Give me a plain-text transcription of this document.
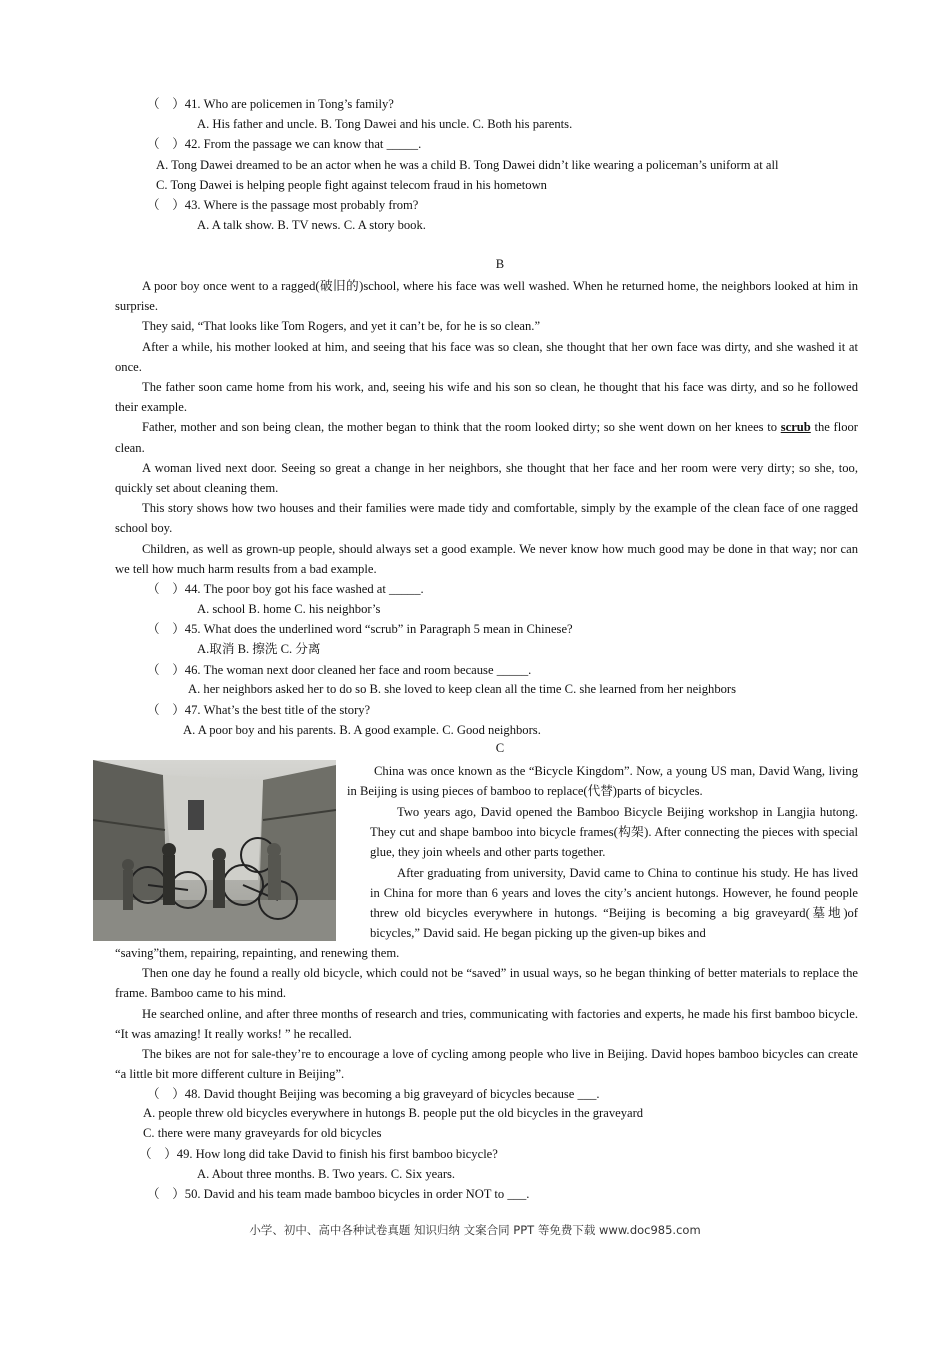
（　）41. Who are policemen in Tong’s family?
A. His father and uncle. B. Tong Dawei and his uncle. C. Both his parents.
（　）42. From the passage we can know that _____.
A. Tong Dawei dreamed to be an actor when he was a child B. Tong Dawei didn’t like wearing a policeman’s uniform at all
C. Tong Dawei is helping people fight against telecom fraud in his hometown
（　）43. Where is the passage most probably from?
A. A talk show. B. TV news. C. A story book.
B

A poor boy once went to a ragged(破旧的)school, where his face was well washed. When he returned home, the neighbors looked at him in surprise.

They said, “That looks like Tom Rogers, and yet it can’t be, for he is so clean.”

After a while, his mother looked at him, and seeing that his face was so clean, she thought that her own face was dirty, and she washed it at once.

The father soon came home from his work, and, seeing his wife and his son so clean, he thought that his face was dirty, and so he followed their example.

Father, mother and son being clean, the mother began to think that the room looked dirty; so she went down on her knees to scrub the floor clean.

A woman lived next door. Seeing so great a change in her neighbors, she thought that her face and her room were very dirty; so she, too, quickly set about cleaning them.

This story shows how two houses and their families were made tidy and comfortable, simply by the example of the clean face of one ragged school boy.

Children, as well as grown-up people, should always set a good example. We never know how much good may be done in that way; nor can we tell how much harm results from a bad example.

（　）44. The poor boy got his face washed at _____.
A. school B. home C. his neighbor’s
（　）45. What does the underlined word “scrub” in Paragraph 5 mean in Chinese?
A.取消 B. 擦洗 C. 分离
（　）46. The woman next door cleaned her face and room because _____.
A. her neighbors asked her to do so B. she loved to keep clean all the time C. she learned from her neighbors
（　）47. What’s the best title of the story?
A. A poor boy and his parents. B. A good example. C. Good neighbors.
C

China was once known as the “Bicycle Kingdom”. Now, a young US man, David Wang, living in Beijing is using pieces of bamboo to replace(代替)parts of bicycles.

Two years ago, David opened the Bamboo Bicycle Beijing workshop in Langjia hutong. They cut and shape bamboo into bicycle frames(构架). After connecting the pieces with special glue, they join wheels and other parts together.

After graduating from university, David came to China to continue his study. He has lived in China for more than 6 years and loves the city’s ancient hutongs. However, he found people threw old bicycles everywhere in hutongs. “Beijing is becoming a big graveyard(墓地)of bicycles,” David said. He began picking up the given-up bikes and

“saving”them, repairing, repainting, and renewing them.

Then one day he found a really old bicycle, which could not be “saved” in usual ways, so he began thinking of better materials to replace the frame. Bamboo came to his mind.

He searched online, and after three months of research and tries, communicating with factories and experts, he made his first bamboo bicycle. “It was amazing! It really works! ” he recalled.

The bikes are not for sale-they’re to encourage a love of cycling among people who live in Beijing. David hopes bamboo bicycles can create “a little bit more different culture in Beijing”.

（　）48. David thought Beijing was becoming a big graveyard of bicycles because ___.
A. people threw old bicycles everywhere in hutongs B. people put the old bicycles in the graveyard
C. there were many graveyards for old bicycles
（　）49. How long did take David to finish his first bamboo bicycle?
A. About three months. B. Two years. C. Six years.
（　）50. David and his team made bamboo bicycles in order NOT to ___.
小学、初中、高中各种试卷真题 知识归纳 文案合同 PPT 等免费下载 www.doc985.com
